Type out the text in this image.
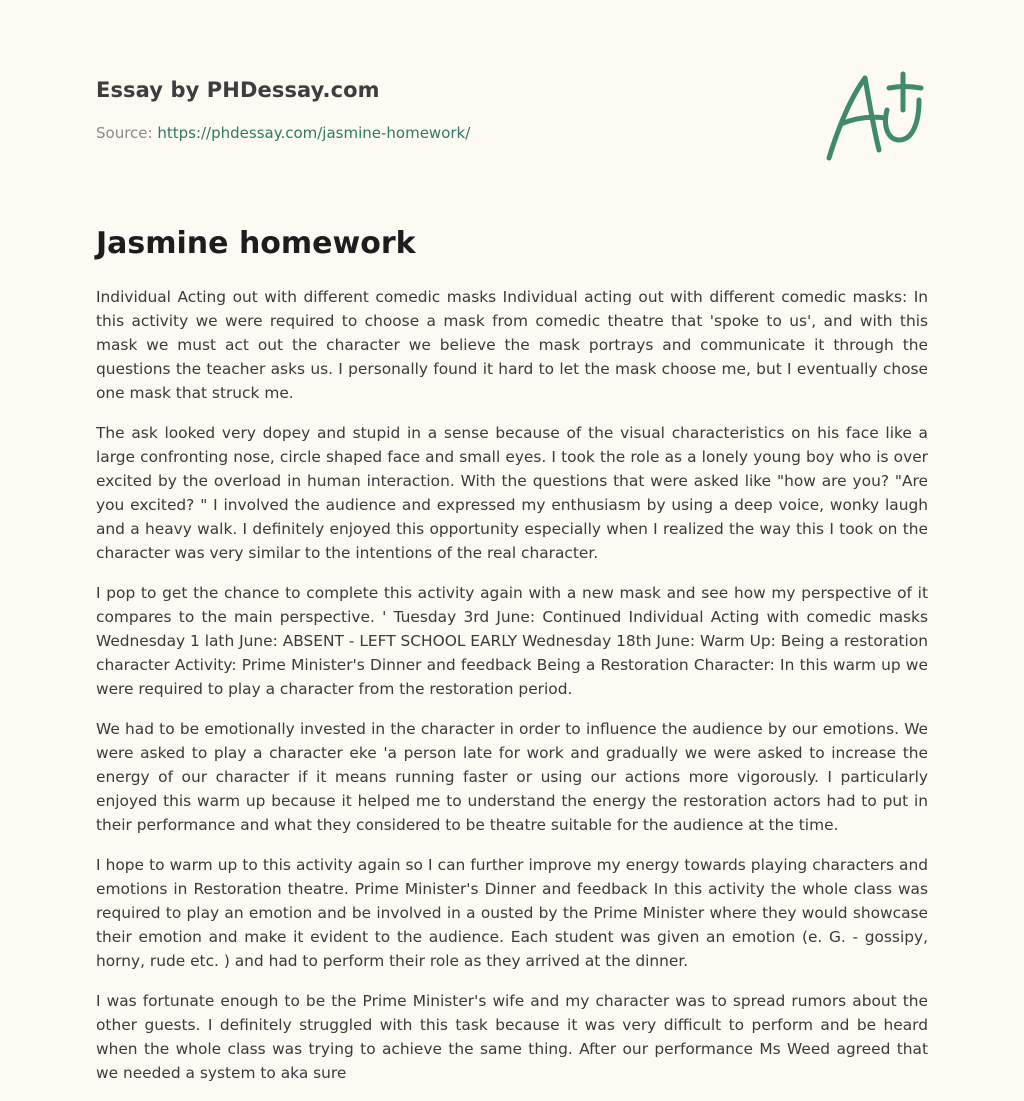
Essay by PHDessay.com
Source: https://phdessay.com/jasmine-homework/
Jasmine homework

Individual Acting out with different comedic masks Individual acting out with different comedic masks: In this activity we were required to choose a mask from comedic theatre that 'spoke to us', and with this mask we must act out the character we believe the mask portrays and communicate it through the questions the teacher asks us. I personally found it hard to let the mask choose me, but I eventually chose one mask that struck me.

The ask looked very dopey and stupid in a sense because of the visual characteristics on his face like a large confronting nose, circle shaped face and small eyes. I took the role as a lonely young boy who is over excited by the overload in human interaction. With the questions that were asked like "how are you? "Are you excited? " I involved the audience and expressed my enthusiasm by using a deep voice, wonky laugh and a heavy walk. I definitely enjoyed this opportunity especially when I realized the way this I took on the character was very similar to the intentions of the real character.

I pop to get the chance to complete this activity again with a new mask and see how my perspective of it compares to the main perspective. ' Tuesday 3rd June: Continued Individual Acting with comedic masks Wednesday 1 lath June: ABSENT - LEFT SCHOOL EARLY Wednesday 18th June: Warm Up: Being a restoration character Activity: Prime Minister's Dinner and feedback Being a Restoration Character: In this warm up we were required to play a character from the restoration period.

We had to be emotionally invested in the character in order to influence the audience by our emotions. We were asked to play a character eke 'a person late for work and gradually we were asked to increase the energy of our character if it means running faster or using our actions more vigorously. I particularly enjoyed this warm up because it helped me to understand the energy the restoration actors had to put in their performance and what they considered to be theatre suitable for the audience at the time.

I hope to warm up to this activity again so I can further improve my energy towards playing characters and emotions in Restoration theatre. Prime Minister's Dinner and feedback In this activity the whole class was required to play an emotion and be involved in a ousted by the Prime Minister where they would showcase their emotion and make it evident to the audience. Each student was given an emotion (e. G. - gossipy, horny, rude etc. ) and had to perform their role as they arrived at the dinner.

I was fortunate enough to be the Prime Minister's wife and my character was to spread rumors about the other guests. I definitely struggled with this task because it was very difficult to perform and be heard when the whole class was trying to achieve the same thing. After our performance Ms Weed agreed that we needed a system to aka sure
